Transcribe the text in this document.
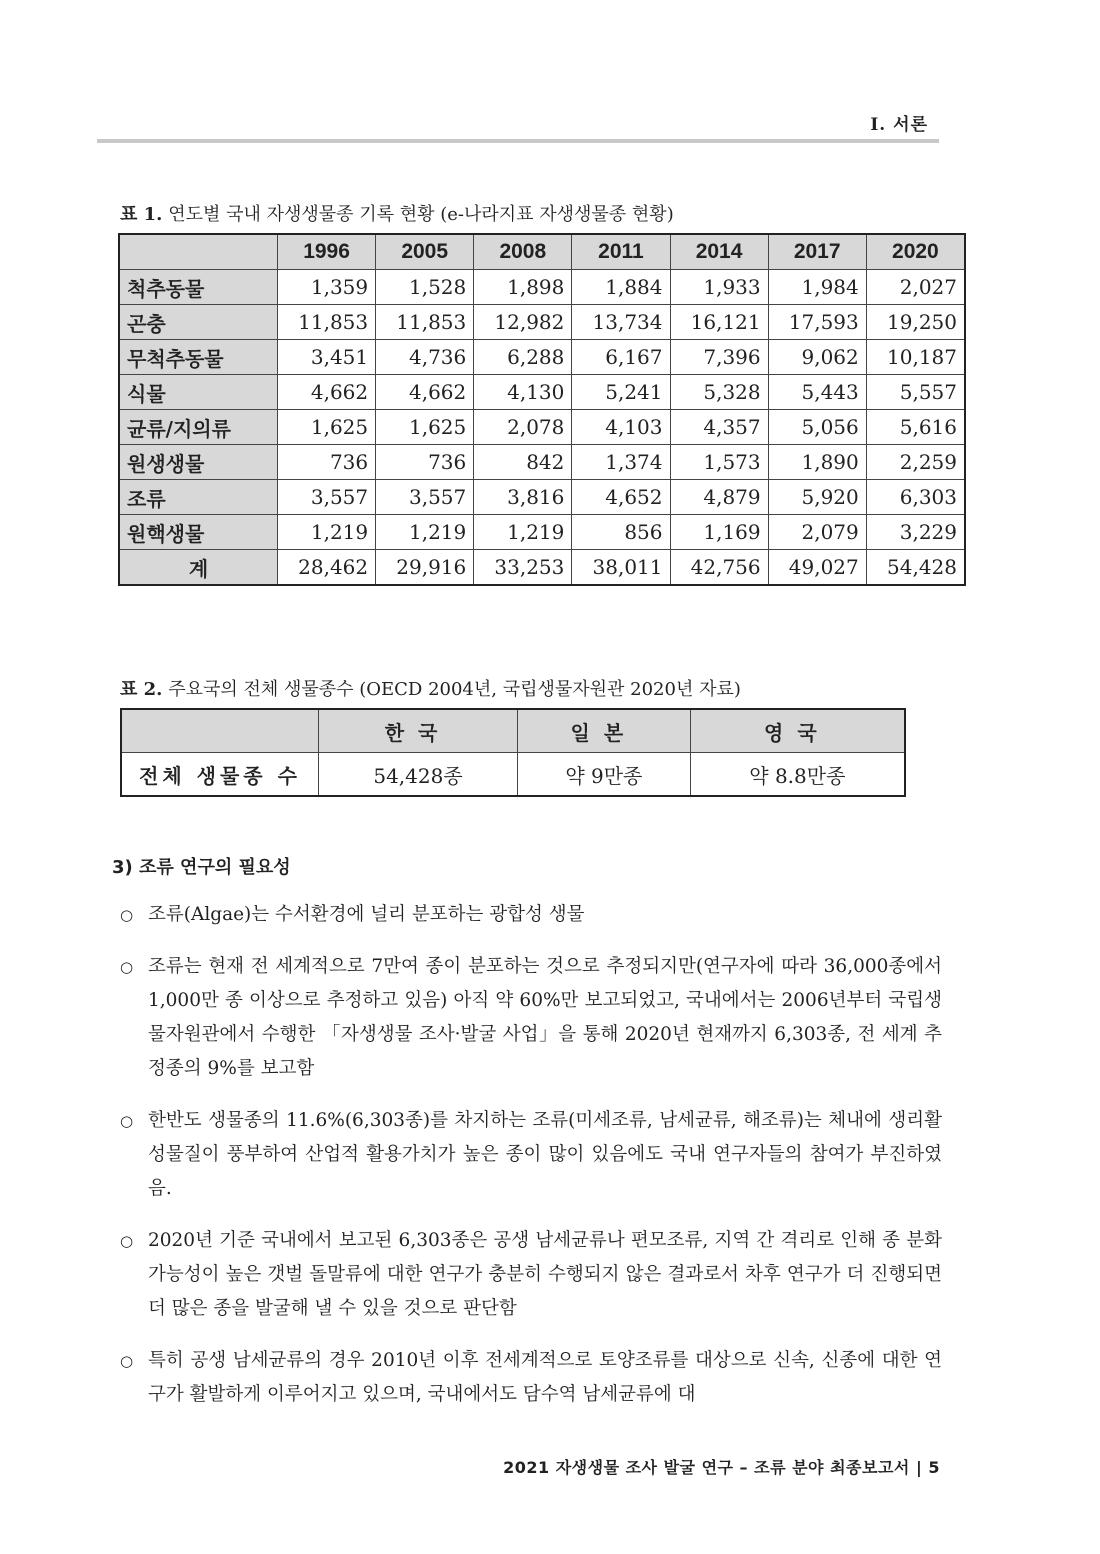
Ⅰ. 서론
표 1. 연도별 국내 자생생물종 기록 현황 (e-나라지표 자생생물종 현황)
	1996	2005	2008	2011	2014	2017	2020
척추동물	1,359	1,528	1,898	1,884	1,933	1,984	2,027
곤충	11,853	11,853	12,982	13,734	16,121	17,593	19,250
무척추동물	3,451	4,736	6,288	6,167	7,396	9,062	10,187
식물	4,662	4,662	4,130	5,241	5,328	5,443	5,557
균류/지의류	1,625	1,625	2,078	4,103	4,357	5,056	5,616
원생생물	736	736	842	1,374	1,573	1,890	2,259
조류	3,557	3,557	3,816	4,652	4,879	5,920	6,303
원핵생물	1,219	1,219	1,219	856	1,169	2,079	3,229
계	28,462	29,916	33,253	38,011	42,756	49,027	54,428
표 2. 주요국의 전체 생물종수 (OECD 2004년, 국립생물자원관 2020년 자료)
	한국	일본	영국
전체 생물종 수	54,428종	약 9만종	약 8.8만종
3) 조류 연구의 필요성
○ 조류(Algae)는 수서환경에 널리 분포하는 광합성 생물
○ 조류는 현재 전 세계적으로 7만여 종이 분포하는 것으로 추정되지만(연구자에 따라 36,000종에서 1,000만 종 이상으로 추정하고 있음) 아직 약 60%만 보고되었고, 국내에서는 2006년부터 국립생물자원관에서 수행한 「자생생물 조사·발굴 사업」을 통해 2020년 현재까지 6,303종, 전 세계 추정종의 9%를 보고함
○ 한반도 생물종의 11.6%(6,303종)를 차지하는 조류(미세조류, 남세균류, 해조류)는 체내에 생리활성물질이 풍부하여 산업적 활용가치가 높은 종이 많이 있음에도 국내 연구자들의 참여가 부진하였음.
○ 2020년 기준 국내에서 보고된 6,303종은 공생 남세균류나 편모조류, 지역 간 격리로 인해 종 분화 가능성이 높은 갯벌 돌말류에 대한 연구가 충분히 수행되지 않은 결과로서 차후 연구가 더 진행되면 더 많은 종을 발굴해 낼 수 있을 것으로 판단함
○ 특히 공생 남세균류의 경우 2010년 이후 전세계적으로 토양조류를 대상으로 신속, 신종에 대한 연구가 활발하게 이루어지고 있으며, 국내에서도 담수역 남세균류에 대
2021 자생생물 조사 발굴 연구 – 조류 분야 최종보고서 | 5
